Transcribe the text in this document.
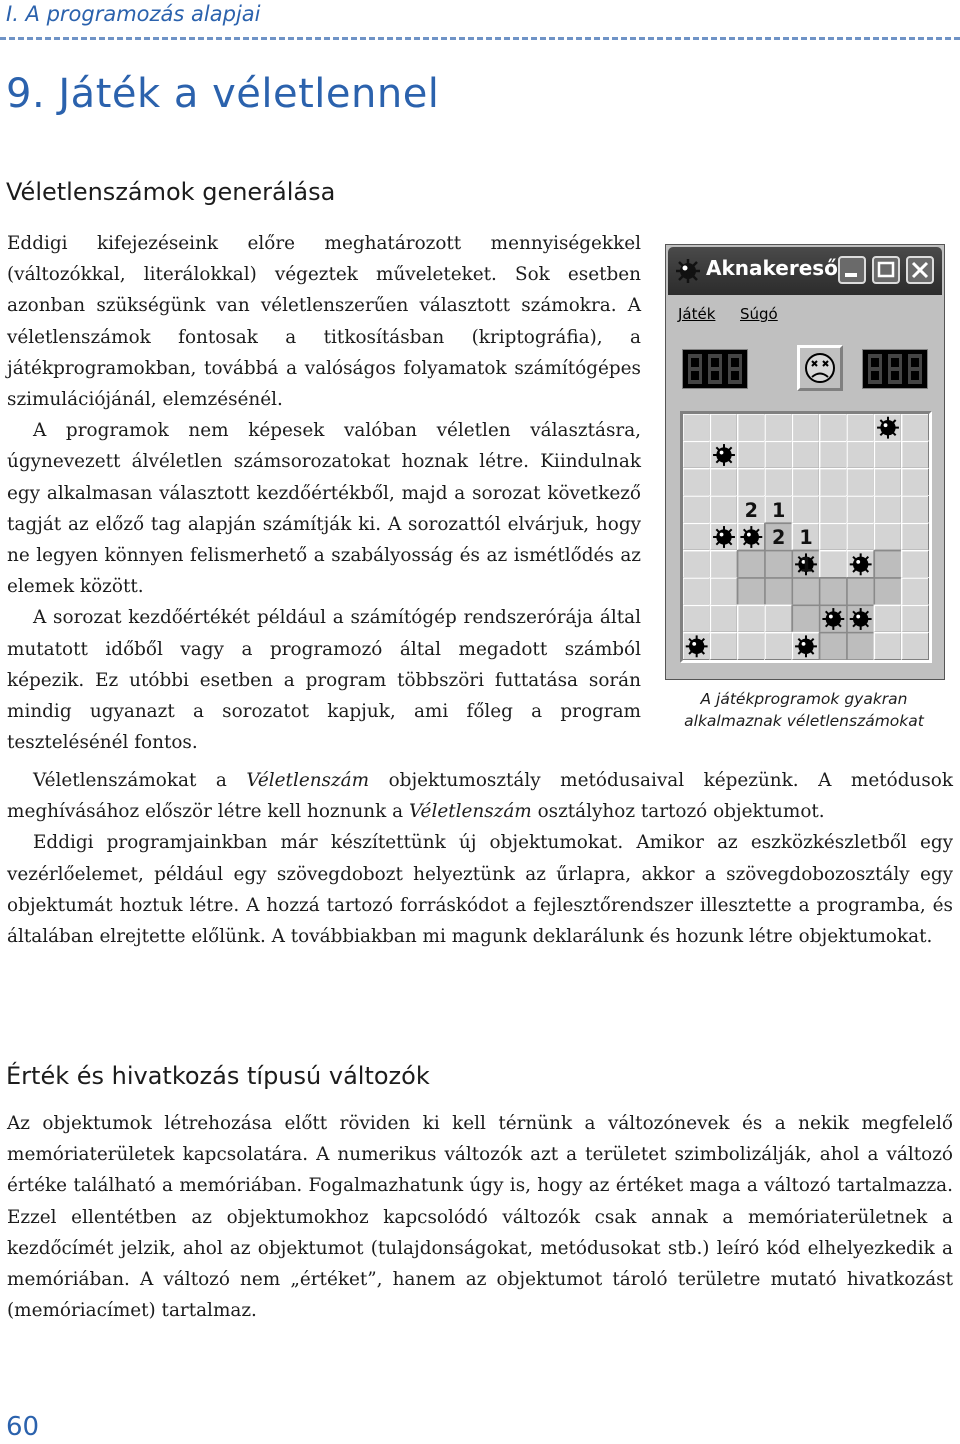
I. A programozás alapjai
9. Játék a véletlennel
Véletlenszámok generálása

Eddigi kifejezéseink előre meghatározott mennyiségekkel (változókkal, literálokkal) végeztek műveleteket. Sok esetben azonban szükségünk van véletlenszerűen választott számokra. A véletlenszámok fontosak a titkosításban (kriptográfia), a játékprogramokban, továbbá a valóságos folyamatok számítógépes szimulációjánál, elemzésénél.

A programok nem képesek valóban véletlen választásra, úgynevezett álvéletlen számsorozatokat hoznak létre. Kiindulnak egy alkalmasan választott kezdőértékből, majd a sorozat következő tagját az előző tag alapján számítják ki. A sorozattól elvárjuk, hogy ne legyen könnyen felismerhető a szabályosság és az ismétlődés az elemek között.

A sorozat kezdőértékét például a számítógép rendszerórája által mutatott időből vagy a programozó által megadott számból képezik. Ez utóbbi esetben a program többszöri futtatása során mindig ugyanazt a sorozatot kapjuk, ami főleg a program tesztelésénél fontos.

Véletlenszámokat a Véletlenszám objektumosztály metódusaival képezünk. A metódusok meghívásához először létre kell hoznunk a Véletlenszám osztályhoz tartozó objektumot.

Eddigi programjainkban már készítettünk új objektumokat. Amikor az eszközkészletből egy vezérlőelemet, például egy szövegdobozt helyeztünk az űrlapra, akkor a szövegdobozosztály egy objektumát hoztuk létre. A hozzá tartozó forráskódot a fejlesztőrendszer illesztette a programba, és általában elrejtette előlünk. A továbbiakban mi magunk deklarálunk és hozunk létre objektumokat.

Aknakereső
Játék Súgó
2 1
2 1
1
A játékprogramok gyakran
alkalmaznak véletlenszámokat
Érték és hivatkozás típusú változók

Az objektumok létrehozása előtt röviden ki kell térnünk a változónevek és a nekik megfelelő memóriaterületek kapcsolatára. A numerikus változók azt a területet szimbolizálják, ahol a változó értéke található a memóriában. Fogalmazhatunk úgy is, hogy az értéket maga a változó tartalmazza. Ezzel ellentétben az objektumokhoz kapcsolódó változók csak annak a memóriaterületnek a kezdőcímét jelzik, ahol az objektumot (tulajdonságokat, metódusokat stb.) leíró kód elhelyezkedik a memóriában. A változó nem „értéket”, hanem az objektumot tároló területre mutató hivatkozást (memóriacímet) tartalmaz.

60
